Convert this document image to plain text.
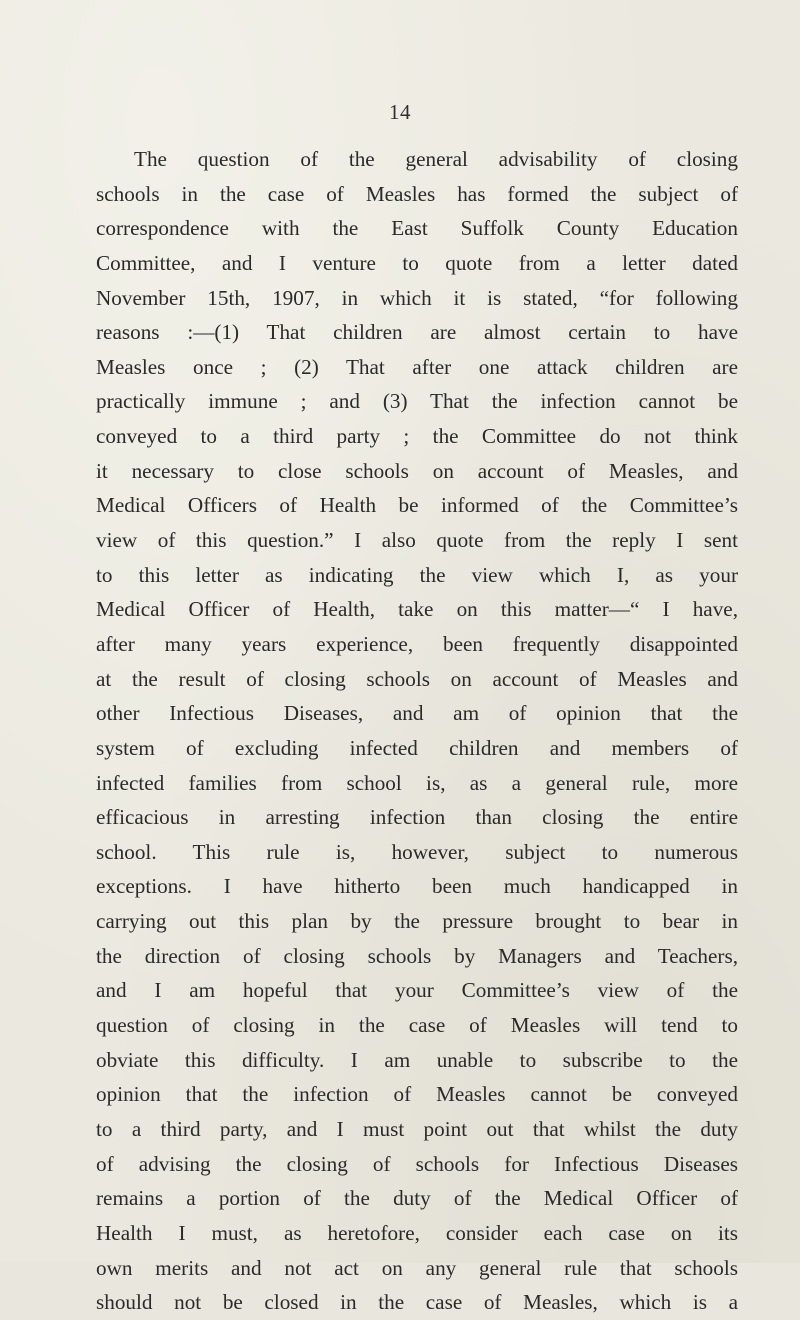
14
The question of the general advisability of closing
schools in the case of Measles has formed the subject of
correspondence with the East Suffolk County Education
Committee, and I venture to quote from a letter dated
November 15th, 1907, in which it is stated, “for following
reasons :—(1) That children are almost certain to have
Measles once ; (2) That after one attack children are
practically immune ; and (3) That the infection cannot be
conveyed to a third party ; the Committee do not think
it necessary to close schools on account of Measles, and
Medical Officers of Health be informed of the Committee’s
view of this question.” I also quote from the reply I sent
to this letter as indicating the view which I, as your
Medical Officer of Health, take on this matter—“ I have,
after many years experience, been frequently disappointed
at the result of closing schools on account of Measles and
other Infectious Diseases, and am of opinion that the
system of excluding infected children and members of
infected families from school is, as a general rule, more
efficacious in arresting infection than closing the entire
school. This rule is, however, subject to numerous
exceptions. I have hitherto been much handicapped in
carrying out this plan by the pressure brought to bear in
the direction of closing schools by Managers and Teachers,
and I am hopeful that your Committee’s view of the
question of closing in the case of Measles will tend to
obviate this difficulty. I am unable to subscribe to the
opinion that the infection of Measles cannot be conveyed
to a third party, and I must point out that whilst the duty
of advising the closing of schools for Infectious Diseases
remains a portion of the duty of the Medical Officer of
Health I must, as heretofore, consider each case on its
own merits and not act on any general rule that schools
should not be closed in the case of Measles, which is a
